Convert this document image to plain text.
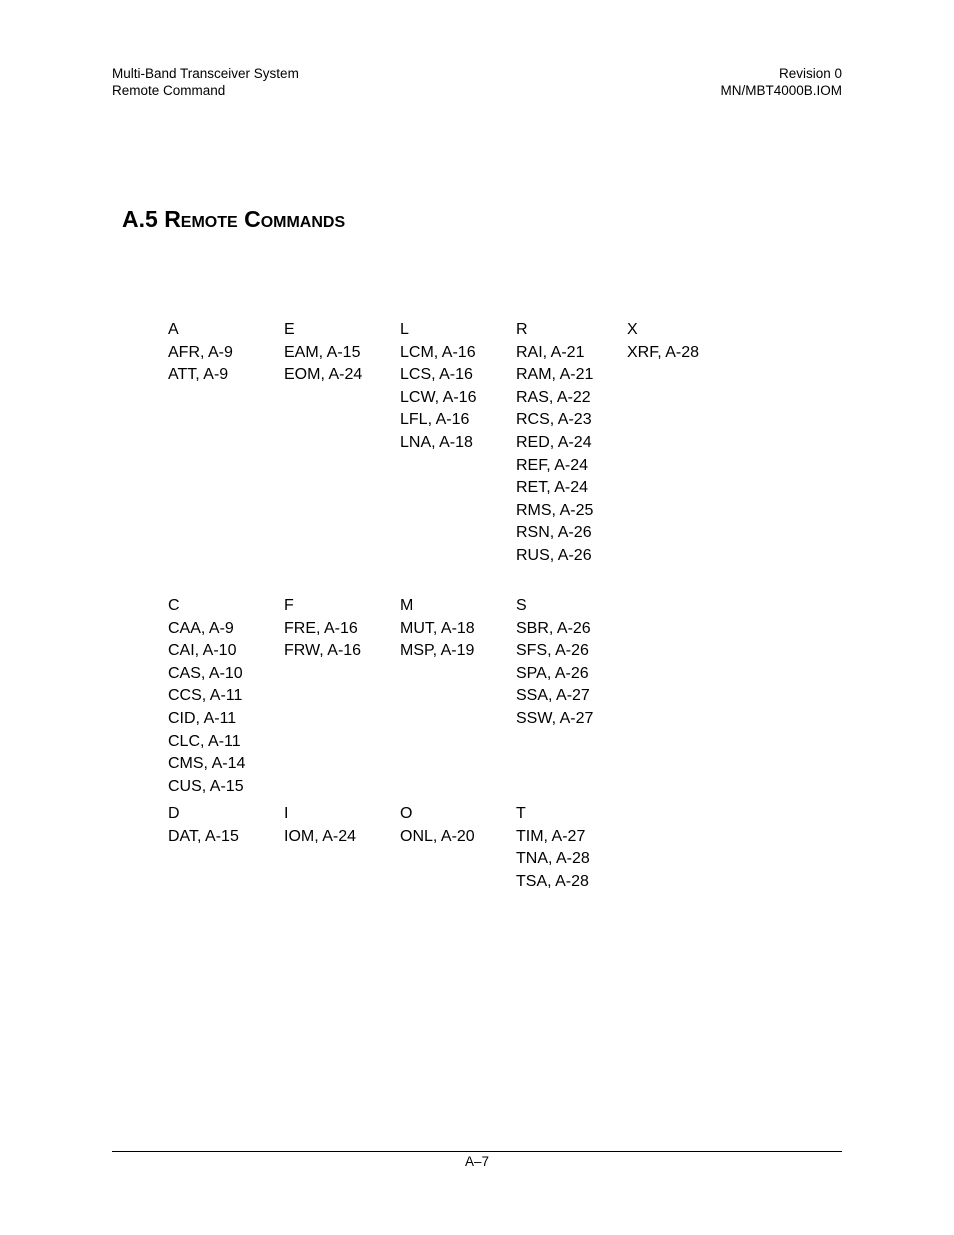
Multi-Band Transceiver System
Remote Command
Revision 0
MN/MBT4000B.IOM
A.5 Remote Commands
A
AFR, A-9
ATT, A-9
E
EAM, A-15
EOM, A-24
L
LCM, A-16
LCS, A-16
LCW, A-16
LFL, A-16
LNA, A-18
R
RAI, A-21
RAM, A-21
RAS, A-22
RCS, A-23
RED, A-24
REF, A-24
RET, A-24
RMS, A-25
RSN, A-26
RUS, A-26
X
XRF, A-28
C
CAA, A-9
CAI, A-10
CAS, A-10
CCS, A-11
CID, A-11
CLC, A-11
CMS, A-14
CUS, A-15
F
FRE, A-16
FRW, A-16
M
MUT, A-18
MSP, A-19
S
SBR, A-26
SFS, A-26
SPA, A-26
SSA, A-27
SSW, A-27
D
DAT, A-15
I
IOM, A-24
O
ONL, A-20
T
TIM, A-27
TNA, A-28
TSA, A-28
A–7
